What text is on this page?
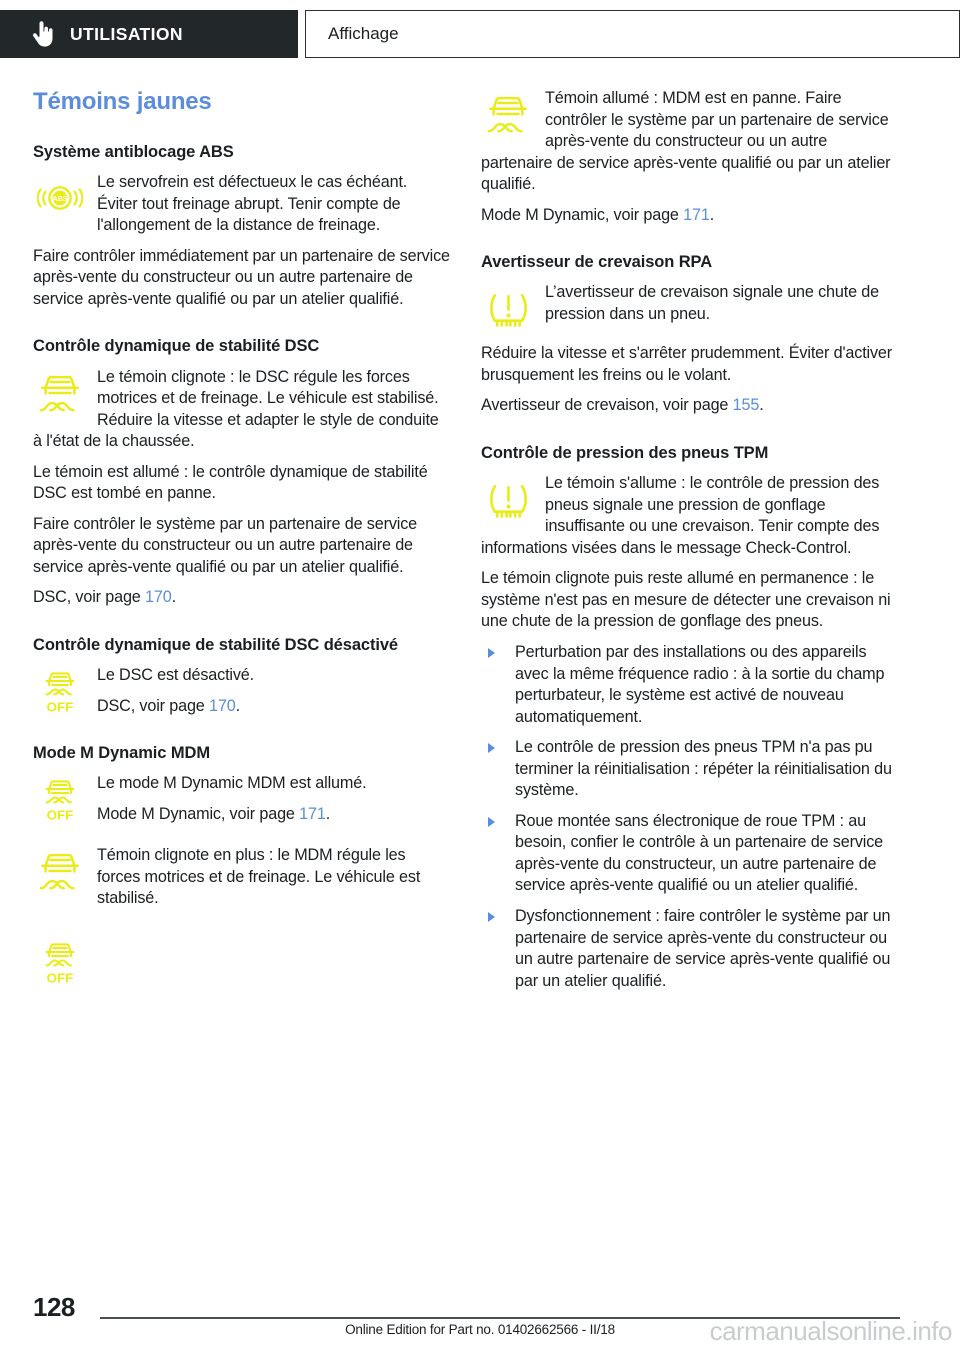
UTILISATION	Affichage
Témoins jaunes
Système antiblocage ABS
ABS

Le servofrein est défectueux le cas échéant. Éviter tout freinage abrupt. Tenir compte de l'allongement de la distance de freinage.

Faire contrôler immédiatement par un partenaire de service après-vente du constructeur ou un autre partenaire de service après-vente qualifié ou par un atelier qualifié.

Contrôle dynamique de stabilité DSC

Le témoin clignote : le DSC régule les forces motrices et de freinage. Le véhicule est stabilisé. Réduire la vitesse et adapter le style de conduite à l'état de la chaussée.

Le témoin est allumé : le contrôle dynamique de stabilité DSC est tombé en panne.

Faire contrôler le système par un partenaire de service après-vente du constructeur ou un autre partenaire de service après-vente qualifié ou par un atelier qualifié.

DSC, voir page 170.

Contrôle dynamique de stabilité DSC désactivé
OFF

Le DSC est désactivé.

DSC, voir page 170.

Mode M Dynamic MDM
OFF

Le mode M Dynamic MDM est allumé.

Mode M Dynamic, voir page 171.

Témoin clignote en plus : le MDM régule les forces motrices et de freinage. Le véhicule est stabilisé.

OFF

Témoin allumé : MDM est en panne. Faire contrôler le système par un partenaire de service après-vente du constructeur ou un autre partenaire de service après-vente qualifié ou par un atelier qualifié.

Mode M Dynamic, voir page 171.

Avertisseur de crevaison RPA

L’avertisseur de crevaison signale une chute de pression dans un pneu.

Réduire la vitesse et s'arrêter prudemment. Éviter d'activer brusquement les freins ou le volant.

Avertisseur de crevaison, voir page 155.

Contrôle de pression des pneus TPM

Le témoin s'allume : le contrôle de pression des pneus signale une pression de gonflage insuffisante ou une crevaison. Tenir compte des informations visées dans le message Check-Control.

Le témoin clignote puis reste allumé en permanence : le système n'est pas en mesure de détecter une crevaison ni une chute de la pression de gonflage des pneus.

Perturbation par des installations ou des appareils avec la même fréquence radio : à la sortie du champ perturbateur, le système est activé de nouveau automatiquement.
Le contrôle de pression des pneus TPM n'a pas pu terminer la réinitialisation : répéter la réinitialisation du système.
Roue montée sans électronique de roue TPM : au besoin, confier le contrôle à un partenaire de service après-vente du constructeur, un autre partenaire de service après-vente qualifié ou un atelier qualifié.
Dysfonctionnement : faire contrôler le système par un partenaire de service après-vente du constructeur ou un autre partenaire de service après-vente qualifié ou par un atelier qualifié.
128
Online Edition for Part no. 01402662566 - II/18	carmanualsonline.info
